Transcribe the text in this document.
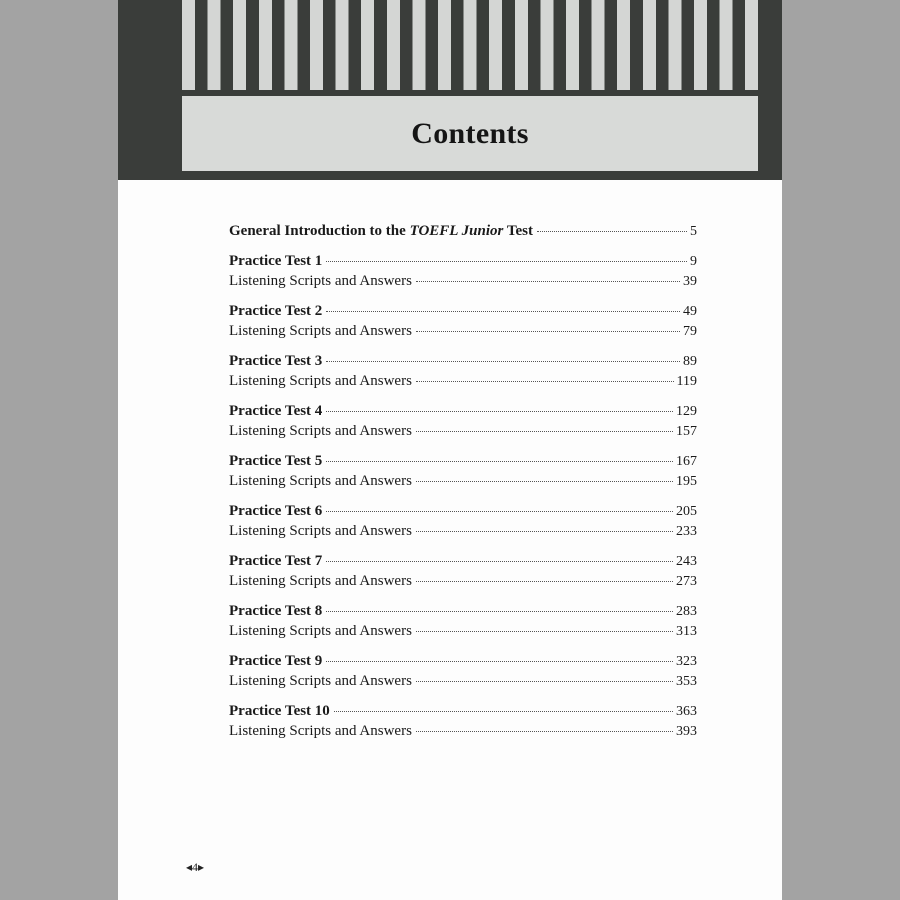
Contents
General Introduction to the TOEFL Junior Test	5
Practice Test 1	9
Listening Scripts and Answers	39
Practice Test 2	49
Listening Scripts and Answers	79
Practice Test 3	89
Listening Scripts and Answers	119
Practice Test 4	129
Listening Scripts and Answers	157
Practice Test 5	167
Listening Scripts and Answers	195
Practice Test 6	205
Listening Scripts and Answers	233
Practice Test 7	243
Listening Scripts and Answers	273
Practice Test 8	283
Listening Scripts and Answers	313
Practice Test 9	323
Listening Scripts and Answers	353
Practice Test 10	363
Listening Scripts and Answers	393
◂4▸
